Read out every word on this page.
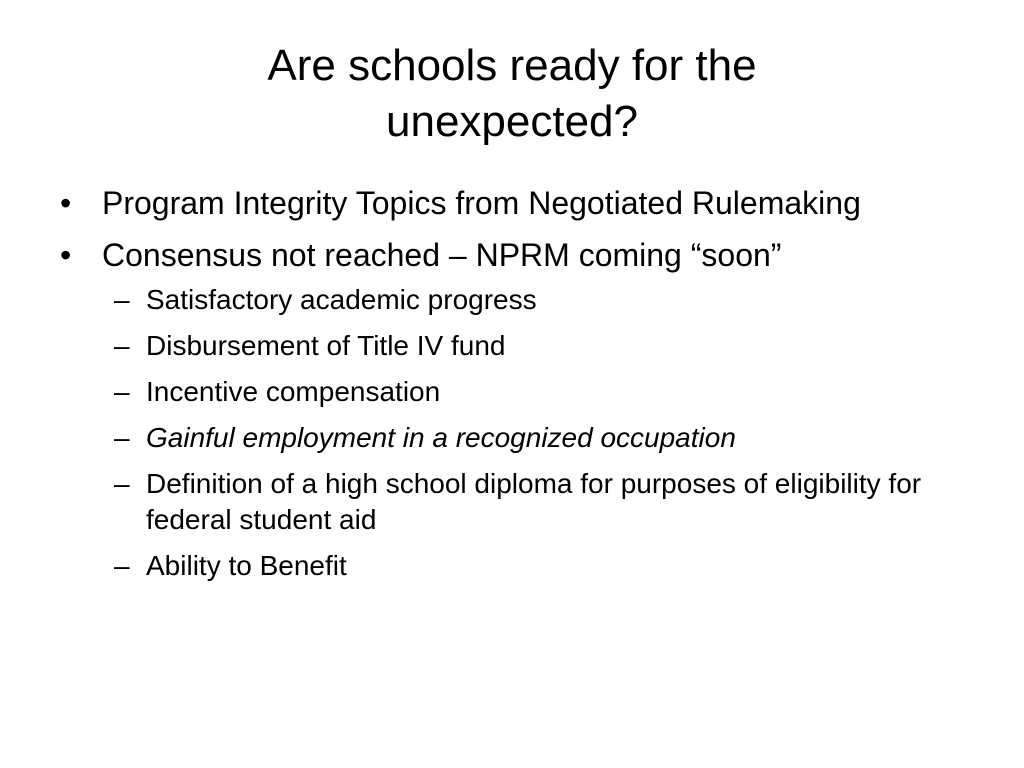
Are schools ready for the
unexpected?
• Program Integrity Topics from Negotiated Rulemaking
• Consensus not reached – NPRM coming “soon”
– Satisfactory academic progress
– Disbursement of Title IV fund
– Incentive compensation
– Gainful employment in a recognized occupation
– Definition of a high school diploma for purposes of eligibility for federal student aid
– Ability to Benefit
